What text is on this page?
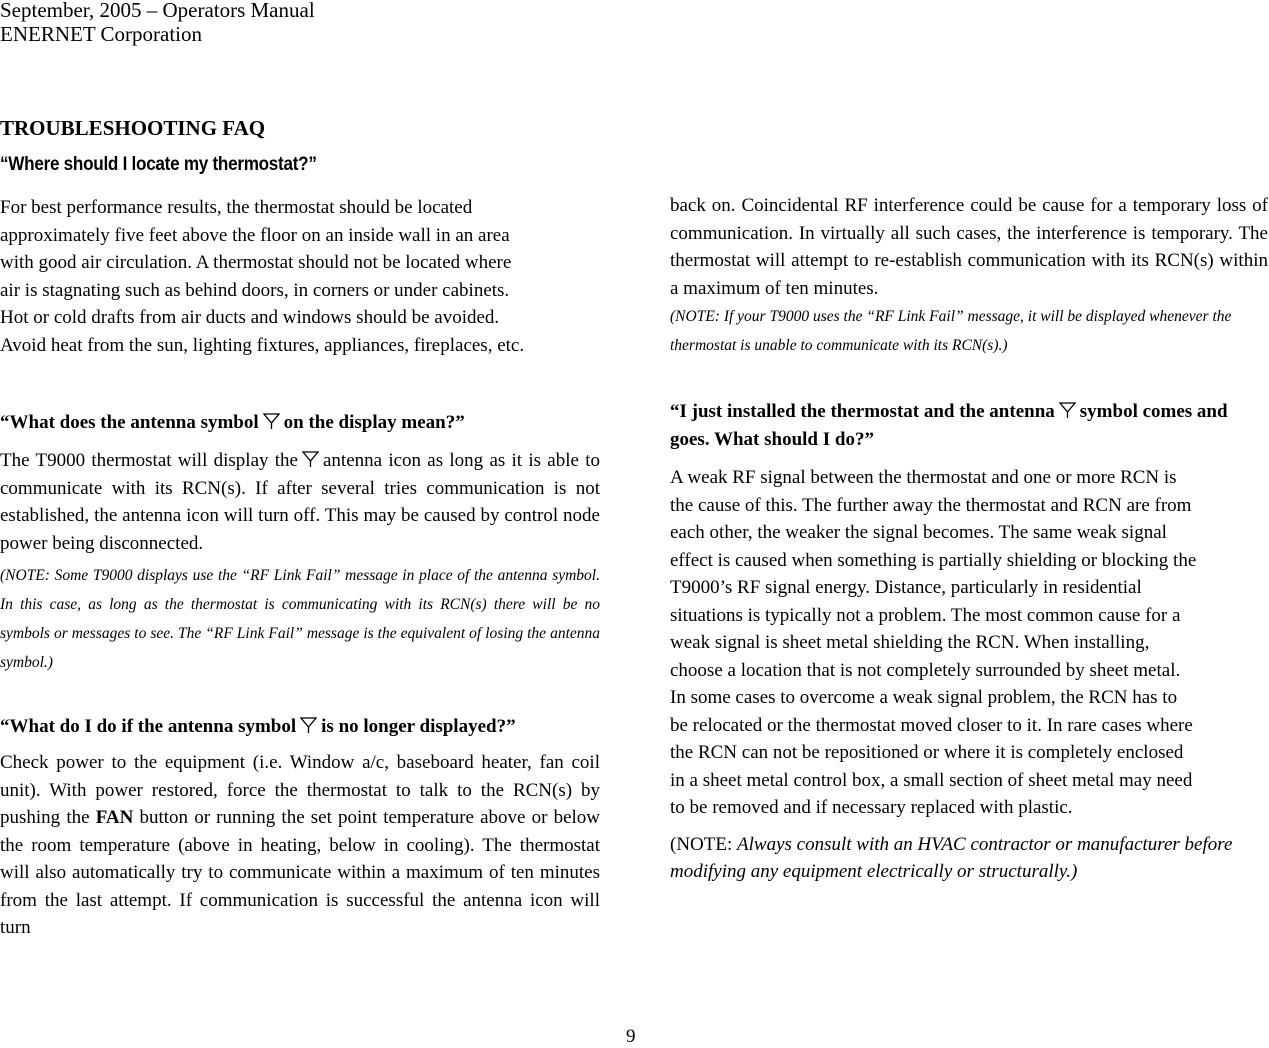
September, 2005 – Operators Manual
ENERNET Corporation
TROUBLESHOOTING FAQ
“Where should I locate my thermostat?”

For best performance results, the thermostat should be located

approximately five feet above the floor on an inside wall in an area

with good air circulation. A thermostat should not be located where

air is stagnating such as behind doors, in corners or under cabinets.

Hot or cold drafts from air ducts and windows should be avoided.

Avoid heat from the sun, lighting fixtures, appliances, fireplaces, etc.

“What does the antenna symbol on the display mean?”

The T9000 thermostat will display the antenna icon as long as it is able to communicate with its RCN(s). If after several tries communication is not established, the antenna icon will turn off. This may be caused by control node power being disconnected.

(NOTE: Some T9000 displays use the “RF Link Fail” message in place of the antenna symbol. In this case, as long as the thermostat is communicating with its RCN(s) there will be no symbols or messages to see. The “RF Link Fail” message is the equivalent of losing the antenna symbol.)

“What do I do if the antenna symbol is no longer displayed?”

Check power to the equipment (i.e. Window a/c, baseboard heater, fan coil unit). With power restored, force the thermostat to talk to the RCN(s) by pushing the FAN button or running the set point temperature above or below the room temperature (above in heating, below in cooling). The thermostat will also automatically try to communicate within a maximum of ten minutes from the last attempt. If communication is successful the antenna icon will turn

back on. Coincidental RF interference could be cause for a temporary loss of communication. In virtually all such cases, the interference is temporary. The thermostat will attempt to re-establish communication with its RCN(s) within a maximum of ten minutes.

(NOTE: If your T9000 uses the “RF Link Fail” message, it will be displayed whenever the thermostat is unable to communicate with its RCN(s).)

“I just installed the thermostat and the antenna symbol comes and goes. What should I do?”

A weak RF signal between the thermostat and one or more RCN is

the cause of this. The further away the thermostat and RCN are from

each other, the weaker the signal becomes. The same weak signal

effect is caused when something is partially shielding or blocking the

T9000’s RF signal energy. Distance, particularly in residential

situations is typically not a problem. The most common cause for a

weak signal is sheet metal shielding the RCN. When installing,

choose a location that is not completely surrounded by sheet metal.

In some cases to overcome a weak signal problem, the RCN has to

be relocated or the thermostat moved closer to it. In rare cases where

the RCN can not be repositioned or where it is completely enclosed

in a sheet metal control box, a small section of sheet metal may need

to be removed and if necessary replaced with plastic.

(NOTE: Always consult with an HVAC contractor or manufacturer before modifying any equipment electrically or structurally.)

9
